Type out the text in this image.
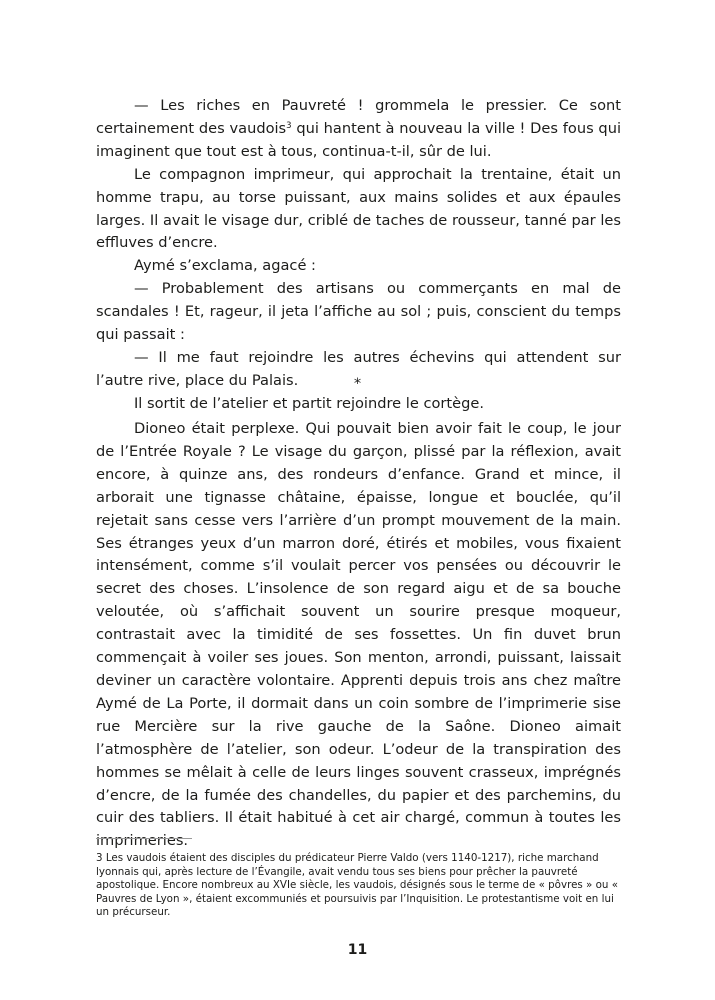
— Les riches en Pauvreté ! grommela le pressier. Ce sont certainement des vaudois$^3$ qui hantent à nouveau la ville ! Des fous qui imaginent que tout est à tous, continua-t-il, sûr de lui.

Le compagnon imprimeur, qui approchait la trentaine, était un homme trapu, au torse puissant, aux mains solides et aux épaules larges. Il avait le visage dur, criblé de taches de rousseur, tanné par les effluves d’encre.

Aymé s’exclama, agacé :

— Probablement des artisans ou commerçants en mal de scandales ! Et, rageur, il jeta l’affiche au sol ; puis, conscient du temps qui passait :

— Il me faut rejoindre les autres échevins qui attendent sur l’autre rive, place du Palais.

Il sortit de l’atelier et partit rejoindre le cortège.

*

Dioneo était perplexe. Qui pouvait bien avoir fait le coup, le jour de l’Entrée Royale ? Le visage du garçon, plissé par la réflexion, avait encore, à quinze ans, des rondeurs d’enfance. Grand et mince, il arborait une tignasse châtaine, épaisse, longue et bouclée, qu’il rejetait sans cesse vers l’arrière d’un prompt mouvement de la main. Ses étranges yeux d’un marron doré, étirés et mobiles, vous fixaient intensément, comme s’il voulait percer vos pensées ou découvrir le secret des choses. L’insolence de son regard aigu et de sa bouche veloutée, où s’affichait souvent un sourire presque moqueur, contrastait avec la timidité de ses fossettes. Un fin duvet brun commençait à voiler ses joues. Son menton, arrondi, puissant, laissait deviner un caractère volontaire. Apprenti depuis trois ans chez maître Aymé de La Porte, il dormait dans un coin sombre de l’imprimerie sise rue Mercière sur la rive gauche de la Saône. Dioneo aimait l’atmosphère de l’atelier, son odeur. L’odeur de la transpiration des hommes se mêlait à celle de leurs linges souvent crasseux, imprégnés d’encre, de la fumée des chandelles, du papier et des parchemins, du cuir des tabliers. Il était habitué à cet air chargé, commun à toutes les imprimeries.

3 Les vaudois étaient des disciples du prédicateur Pierre Valdo (vers 1140-1217), riche marchand lyonnais qui, après lecture de l’Évangile, avait vendu tous ses biens pour prêcher la pauvreté apostolique. Encore nombreux au XVIe siècle, les vaudois, désignés sous le terme de « pôvres » ou « Pauvres de Lyon », étaient excommuniés et poursuivis par l’Inquisition. Le protestantisme voit en lui un précurseur.
11
